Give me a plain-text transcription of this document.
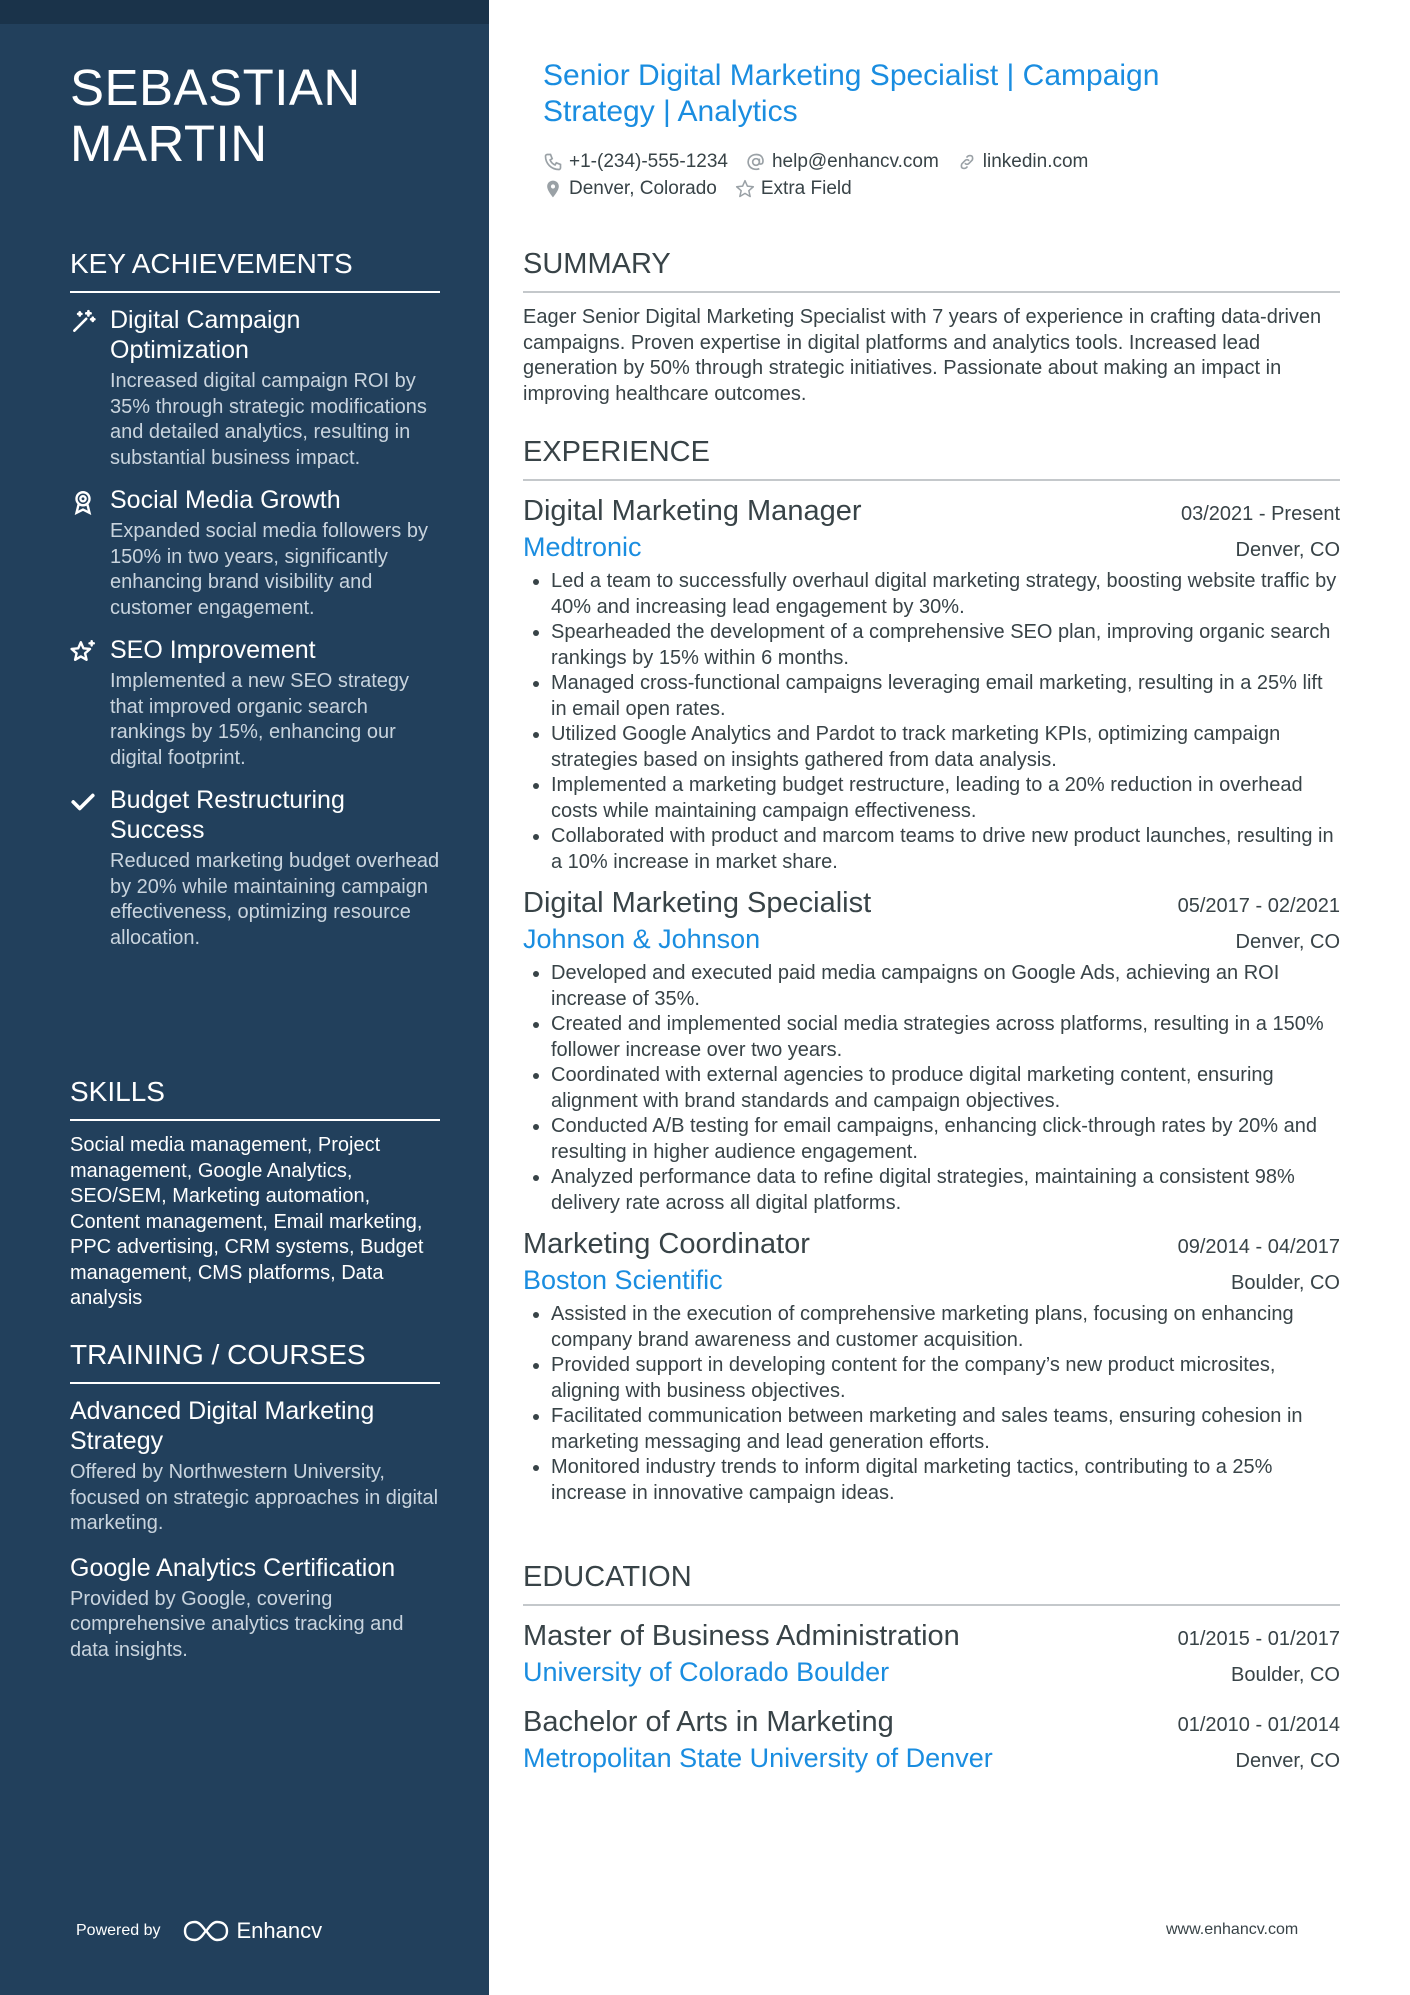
SEBASTIAN MARTIN
KEY ACHIEVEMENTS
Digital Campaign Optimization
Increased digital campaign ROI by 35% through strategic modifications and detailed analytics, resulting in substantial business impact.
Social Media Growth
Expanded social media followers by 150% in two years, significantly enhancing brand visibility and customer engagement.
SEO Improvement
Implemented a new SEO strategy that improved organic search rankings by 15%, enhancing our digital footprint.
Budget Restructuring Success
Reduced marketing budget overhead by 20% while maintaining campaign effectiveness, optimizing resource allocation.
SKILLS
Social media management, Project management, Google Analytics, SEO/SEM, Marketing automation, Content management, Email marketing, PPC advertising, CRM systems, Budget management, CMS platforms, Data analysis
TRAINING / COURSES
Advanced Digital Marketing Strategy
Offered by Northwestern University, focused on strategic approaches in digital marketing.
Google Analytics Certification
Provided by Google, covering comprehensive analytics tracking and data insights.
Powered by	Enhancv
Senior Digital Marketing Specialist | Campaign Strategy | Analytics
+1-(234)-555-1234 help@enhancv.com linkedin.com
Denver, Colorado Extra Field
SUMMARY
Eager Senior Digital Marketing Specialist with 7 years of experience in crafting data-driven campaigns. Proven expertise in digital platforms and analytics tools. Increased lead generation by 50% through strategic initiatives. Passionate about making an impact in improving healthcare outcomes.
EXPERIENCE
Digital Marketing Manager	03/2021 - Present
Medtronic	Denver, CO
• Led a team to successfully overhaul digital marketing strategy, boosting website traffic by 40% and increasing lead engagement by 30%.
• Spearheaded the development of a comprehensive SEO plan, improving organic search rankings by 15% within 6 months.
• Managed cross-functional campaigns leveraging email marketing, resulting in a 25% lift in email open rates.
• Utilized Google Analytics and Pardot to track marketing KPIs, optimizing campaign strategies based on insights gathered from data analysis.
• Implemented a marketing budget restructure, leading to a 20% reduction in overhead costs while maintaining campaign effectiveness.
• Collaborated with product and marcom teams to drive new product launches, resulting in a 10% increase in market share.
Digital Marketing Specialist	05/2017 - 02/2021
Johnson & Johnson	Denver, CO
• Developed and executed paid media campaigns on Google Ads, achieving an ROI increase of 35%.
• Created and implemented social media strategies across platforms, resulting in a 150% follower increase over two years.
• Coordinated with external agencies to produce digital marketing content, ensuring alignment with brand standards and campaign objectives.
• Conducted A/B testing for email campaigns, enhancing click-through rates by 20% and resulting in higher audience engagement.
• Analyzed performance data to refine digital strategies, maintaining a consistent 98% delivery rate across all digital platforms.
Marketing Coordinator	09/2014 - 04/2017
Boston Scientific	Boulder, CO
• Assisted in the execution of comprehensive marketing plans, focusing on enhancing company brand awareness and customer acquisition.
• Provided support in developing content for the company’s new product microsites, aligning with business objectives.
• Facilitated communication between marketing and sales teams, ensuring cohesion in marketing messaging and lead generation efforts.
• Monitored industry trends to inform digital marketing tactics, contributing to a 25% increase in innovative campaign ideas.
EDUCATION
Master of Business Administration	01/2015 - 01/2017
University of Colorado Boulder	Boulder, CO
Bachelor of Arts in Marketing	01/2010 - 01/2014
Metropolitan State University of Denver	Denver, CO
www.enhancv.com
